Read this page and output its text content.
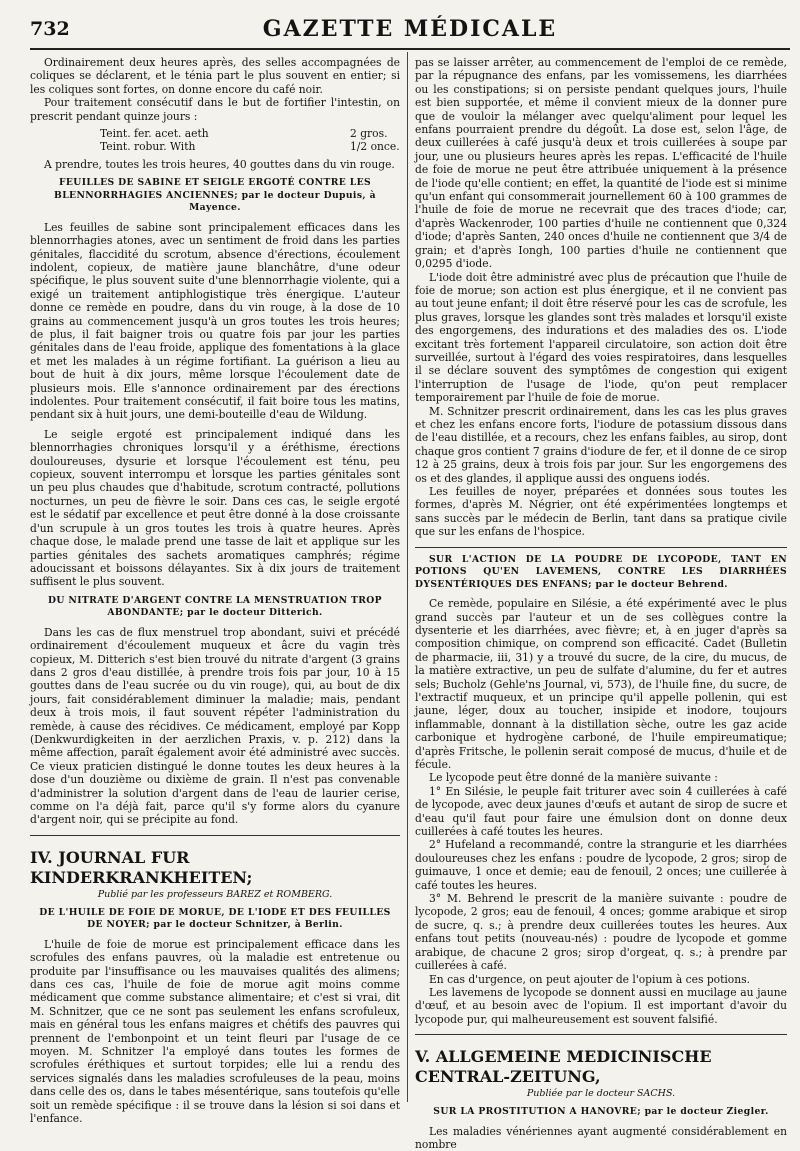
732	GAZETTE MÉDICALE

Ordinairement deux heures après, des selles accompagnées de coliques se déclarent, et le ténia part le plus souvent en entier; si les coliques sont fortes, on donne encore du café noir.

Pour traitement consécutif dans le but de fortifier l'intestin, on prescrit pendant quinze jours :

Teint. fer. acet. aeth	2 gros.
Teint. robur. With	1/2 once.

A prendre, toutes les trois heures, 40 gouttes dans du vin rouge.

FEUILLES DE SABINE ET SEIGLE ERGOTÉ CONTRE LES BLENNORRHAGIES ANCIENNES; par le docteur Dupuis, à Mayence.

Les feuilles de sabine sont principalement efficaces dans les blennorrhagies atones, avec un sentiment de froid dans les parties génitales, flaccidité du scrotum, absence d'érections, écoulement indolent, copieux, de matière jaune blanchâtre, d'une odeur spécifique, le plus souvent suite d'une blennorrhagie violente, qui a exigé un traitement antiphlogistique très énergique. L'auteur donne ce remède en poudre, dans du vin rouge, à la dose de 10 grains au commencement jusqu'à un gros toutes les trois heures; de plus, il fait baigner trois ou quatre fois par jour les parties génitales dans de l'eau froide, applique des fomentations à la glace et met les malades à un régime fortifiant. La guérison a lieu au bout de huit à dix jours, même lorsque l'écoulement date de plusieurs mois. Elle s'annonce ordinairement par des érections indolentes. Pour traitement consécutif, il fait boire tous les matins, pendant six à huit jours, une demi-bouteille d'eau de Wildung.

Le seigle ergoté est principalement indiqué dans les blennorrhagies chroniques lorsqu'il y a éréthisme, érections douloureuses, dysurie et lorsque l'écoulement est ténu, peu copieux, souvent interrompu et lorsque les parties génitales sont un peu plus chaudes que d'habitude, scrotum contracté, pollutions nocturnes, un peu de fièvre le soir. Dans ces cas, le seigle ergoté est le sédatif par excellence et peut être donné à la dose croissante d'un scrupule à un gros toutes les trois à quatre heures. Après chaque dose, le malade prend une tasse de lait et applique sur les parties génitales des sachets aromatiques camphrés; régime adoucissant et boissons délayantes. Six à dix jours de traitement suffisent le plus souvent.

DU NITRATE D'ARGENT CONTRE LA MENSTRUATION TROP ABONDANTE; par le docteur Ditterich.

Dans les cas de flux menstruel trop abondant, suivi et précédé ordinairement d'écoulement muqueux et âcre du vagin très copieux, M. Ditterich s'est bien trouvé du nitrate d'argent (3 grains dans 2 gros d'eau distillée, à prendre trois fois par jour, 10 à 15 gouttes dans de l'eau sucrée ou du vin rouge), qui, au bout de dix jours, fait considérablement diminuer la maladie; mais, pendant deux à trois mois, il faut souvent répéter l'administration du remède, à cause des récidives. Ce médicament, employé par Kopp (Denkwurdigkeiten in der aerzlichen Praxis, v. p. 212) dans la même affection, paraît également avoir été administré avec succès. Ce vieux praticien distingué le donne toutes les deux heures à la dose d'un douzième ou dixième de grain. Il n'est pas convenable d'administrer la solution d'argent dans de l'eau de laurier cerise, comme on l'a déjà fait, parce qu'il s'y forme alors du cyanure d'argent noir, qui se précipite au fond.

IV. JOURNAL FUR KINDERKRANKHEITEN;

Publié par les professeurs BAREZ et ROMBERG.

DE L'HUILE DE FOIE DE MORUE, DE L'IODE ET DES FEUILLES DE NOYER; par le docteur Schnitzer, à Berlin.

L'huile de foie de morue est principalement efficace dans les scrofules des enfans pauvres, où la maladie est entretenue ou produite par l'insuffisance ou les mauvaises qualités des alimens; dans ces cas, l'huile de foie de morue agit moins comme médicament que comme substance alimentaire; et c'est si vrai, dit M. Schnitzer, que ce ne sont pas seulement les enfans scrofuleux, mais en général tous les enfans maigres et chétifs des pauvres qui prennent de l'embonpoint et un teint fleuri par l'usage de ce moyen. M. Schnitzer l'a employé dans toutes les formes de scrofules éréthiques et surtout torpides; elle lui a rendu des services signalés dans les maladies scrofuleuses de la peau, moins dans celle des os, dans le tabes mésentérique, sans toutefois qu'elle soit un remède spécifique : il se trouve dans la lésion si soi dans et l'enfance.

pas se laisser arrêter, au commencement de l'emploi de ce remède, par la répugnance des enfans, par les vomissemens, les diarrhées ou les constipations; si on persiste pendant quelques jours, l'huile est bien supportée, et même il convient mieux de la donner pure que de vouloir la mélanger avec quelqu'aliment pour lequel les enfans pourraient prendre du dégoût. La dose est, selon l'âge, de deux cuillerées à café jusqu'à deux et trois cuillerées à soupe par jour, une ou plusieurs heures après les repas. L'efficacité de l'huile de foie de morue ne peut être attribuée uniquement à la présence de l'iode qu'elle contient; en effet, la quantité de l'iode est si minime qu'un enfant qui consommerait journellement 60 à 100 grammes de l'huile de foie de morue ne recevrait que des traces d'iode; car, d'après Wackenroder, 100 parties d'huile ne contiennent que 0,324 d'iode; d'après Santen, 240 onces d'huile ne contiennent que 3/4 de grain; et d'après Iongh, 100 parties d'huile ne contiennent que 0,0295 d'iode.

L'iode doit être administré avec plus de précaution que l'huile de foie de morue; son action est plus énergique, et il ne convient pas au tout jeune enfant; il doit être réservé pour les cas de scrofule, les plus graves, lorsque les glandes sont très malades et lorsqu'il existe des engorgemens, des indurations et des maladies des os. L'iode excitant très fortement l'appareil circulatoire, son action doit être surveillée, surtout à l'égard des voies respiratoires, dans lesquelles il se déclare souvent des symptômes de congestion qui exigent l'interruption de l'usage de l'iode, qu'on peut remplacer temporairement par l'huile de foie de morue.

M. Schnitzer prescrit ordinairement, dans les cas les plus graves et chez les enfans encore forts, l'iodure de potassium dissous dans de l'eau distillée, et a recours, chez les enfans faibles, au sirop, dont chaque gros contient 7 grains d'iodure de fer, et il donne de ce sirop 12 à 25 grains, deux à trois fois par jour. Sur les engorgemens des os et des glandes, il applique aussi des onguens iodés.

Les feuilles de noyer, préparées et données sous toutes les formes, d'après M. Négrier, ont été expérimentées longtemps et sans succès par le médecin de Berlin, tant dans sa pratique civile que sur les enfans de l'hospice.

SUR L'ACTION DE LA POUDRE DE LYCOPODE, TANT EN POTIONS QU'EN LAVEMENS, CONTRE LES DIARRHÉES DYSENTÉRIQUES DES ENFANS; par le docteur Behrend.

Ce remède, populaire en Silésie, a été expérimenté avec le plus grand succès par l'auteur et un de ses collègues contre la dysenterie et les diarrhées, avec fièvre; et, à en juger d'après sa composition chimique, on comprend son efficacité. Cadet (Bulletin de pharmacie, iii, 31) y a trouvé du sucre, de la cire, du mucus, de la matière extractive, un peu de sulfate d'alumine, du fer et autres sels; Bucholz (Gehle'ns Journal, vi, 573), de l'huile fine, du sucre, de l'extractif muqueux, et un principe qu'il appelle pollenin, qui est jaune, léger, doux au toucher, insipide et inodore, toujours inflammable, donnant à la distillation sèche, outre les gaz acide carbonique et hydrogène carboné, de l'huile empireumatique; d'après Fritsche, le pollenin serait composé de mucus, d'huile et de fécule.

Le lycopode peut être donné de la manière suivante :

1° En Silésie, le peuple fait triturer avec soin 4 cuillerées à café de lycopode, avec deux jaunes d'œufs et autant de sirop de sucre et d'eau qu'il faut pour faire une émulsion dont on donne deux cuillerées à café toutes les heures.

2° Hufeland a recommandé, contre la strangurie et les diarrhées douloureuses chez les enfans : poudre de lycopode, 2 gros; sirop de guimauve, 1 once et demie; eau de fenouil, 2 onces; une cuillerée à café toutes les heures.

3° M. Behrend le prescrit de la manière suivante : poudre de lycopode, 2 gros; eau de fenouil, 4 onces; gomme arabique et sirop de sucre, q. s.; à prendre deux cuillerées toutes les heures. Aux enfans tout petits (nouveau-nés) : poudre de lycopode et gomme arabique, de chacune 2 gros; sirop d'orgeat, q. s.; à prendre par cuillerées à café.

En cas d'urgence, on peut ajouter de l'opium à ces potions.

Les lavemens de lycopode se donnent aussi en mucilage au jaune d'œuf, et au besoin avec de l'opium. Il est important d'avoir du lycopode pur, qui malheureusement est souvent falsifié.

V. ALLGEMEINE MEDICINISCHE CENTRAL-ZEITUNG,

Publiée par le docteur SACHS.

SUR LA PROSTITUTION A HANOVRE; par le docteur Ziegler.

Les maladies vénériennes ayant augmenté considérablement en nombre
